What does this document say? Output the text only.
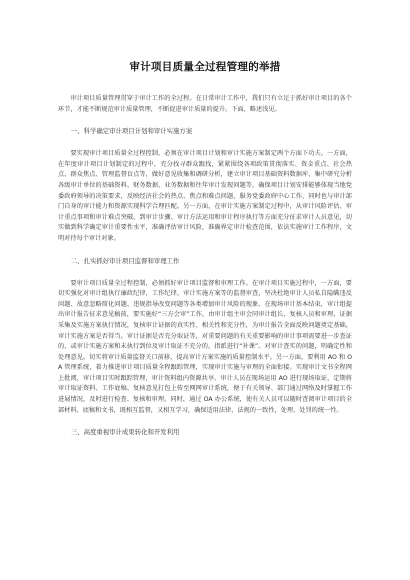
审计项目质量全过程管理的举措

审计项目质量管理贯穿于审计工作的全过程。在日常审计工作中，我们只有立足于抓好审计项目的各个环节，才能不断规范审计质量管理，不断促进审计质量的提升。下面，略述浅见。

一、科学确定审计项目计划和审计实施方案

要实现审计项目质量全过程控制，必须在审计项目计划和审计实施方案制定两个方面下功夫。一方面，在年度审计项目计划制定的过程中，充分找寻群众跟找，紧紧围绕各项政策贯彻落实、资金重点、社会热点、群众焦点、管理监督盲点等，做好意见收集和调研分析，建立审计项目基础资料数据库，集中研究分析各级审计单位的基础资料、财务数据、业务数据和往年审计发现问题等，确保项目计划安排能够体现当地党委政府领导的决策要求，反映经济社会的热点、焦点和难点问题，服务党委政府中心工作，同时也与审计部门自身的审计能力和资源实现科学合理匹配。另一方面，在审计实施方案制定过程中，从审计风险评估、审计重点事项和审计难点突破，到审计步骤、审计方法运用和审计程序执行等方面充分征求审计人员意见，切实做到科学确定审计重要性水平，准确评估审计风险，准确界定审计检查范围，依法实施审计工作程序，文明对待每个审计对象。

二、扎实抓好审计项目监督和审理工作

要审计项目质量全过程控制，必须抓好审计项目监督和审理工作。在审计项目实施过程中，一方面，要切实强化对审计组执行廉政纪律，工作纪律，审计实施方案等的监督审查，坚决杜绝审计人员私自隐瞒违反问题、故意忽略简化问题、违规指导改变问题等各类增加审计风险的现象。在现场审计基本结束，审计组提出审计报告征求意见稿前，要实施好“三方会审”工作，由审计组主审会同审计组长、复核人员和审理、证据采集及实施方案执行情况，复核审计证据的真实性、相关性和充分性，为审计报告全面反映问题奠定基础，审计实施方案是否得当。审计证据是否充分取证等，对重要问题的有关重要影响的审计事项需要进一步查证的，或审计实施方案和未执行到位及审计取证不充分的，指派进行“补课”。对审计查实的问题，明确定性和处理意见。切实将审计质量监督关口前移，提高审计方案实施的质量控制水平。另一方面，要利用 AO 和 OA 管理系统，着力推进审计项目质量全程跟踪管理，实现审计实施与审理的全面衔接。实现审计文书全程网上批阅，审计项目实时跟踪管理，审计资料组内资源共享。审计人员在现场运用 AO 进行现场取证，定期将审计取证资料、工作底稿、复核意见打包上传至网网审计系统，便于有关领导、部门通过网络及时掌握工作进展情况，及时进行检查、复核和审理。同时，通过 OA 办公系统，使有关人员可以随时查阅审计项目的全部材料、底稿和文书，既相互监督，又相互学习，确保适用法律、法规的一致性，处理、处罚的统一性。

三、高度重视审计成果转化和开发利用
